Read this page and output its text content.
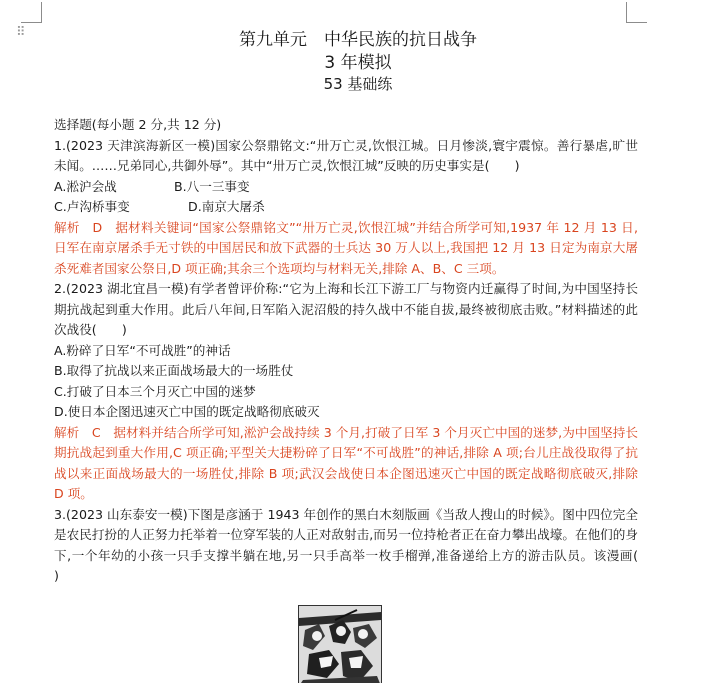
⠿	第九单元　中华民族的抗日战争
3 年模拟
53 基础练

选择题(每小题 2 分,共 12 分)

1.(2023 天津滨海新区一模)国家公祭鼎铭文:“卅万亡灵,饮恨江城。日月惨淡,寰宇震惊。善行暴虐,旷世未闻。……兄弟同心,共御外辱”。其中“卅万亡灵,饮恨江城”反映的历史事实是(　　)

A.淞沪会战	B.八一三事变
C.卢沟桥事变	D.南京大屠杀

解析　D　据材料关键词“国家公祭鼎铭文”“卅万亡灵,饮恨江城”并结合所学可知,1937 年 12 月 13 日,日军在南京屠杀手无寸铁的中国居民和放下武器的士兵达 30 万人以上,我国把 12 月 13 日定为南京大屠杀死难者国家公祭日,D 项正确;其余三个选项均与材料无关,排除 A、B、C 三项。

2.(2023 湖北宜昌一模)有学者曾评价称:“它为上海和长江下游工厂与物资内迁赢得了时间,为中国坚持长期抗战起到重大作用。此后八年间,日军陷入泥沼般的持久战中不能自拔,最终被彻底击败。”材料描述的此次战役(　　)

A.粉碎了日军“不可战胜”的神话

B.取得了抗战以来正面战场最大的一场胜仗

C.打破了日本三个月灭亡中国的迷梦

D.使日本企图迅速灭亡中国的既定战略彻底破灭

解析　C　据材料并结合所学可知,淞沪会战持续 3 个月,打破了日军 3 个月灭亡中国的迷梦,为中国坚持长期抗战起到重大作用,C 项正确;平型关大捷粉碎了日军“不可战胜”的神话,排除 A 项;台儿庄战役取得了抗战以来正面战场最大的一场胜仗,排除 B 项;武汉会战使日本企图迅速灭亡中国的既定战略彻底破灭,排除 D 项。

3.(2023 山东泰安一模)下图是彦涵于 1943 年创作的黑白木刻版画《当敌人搜山的时候》。图中四位完全是农民打扮的人正努力托举着一位穿军装的人正对敌射击,而另一位持枪者正在奋力攀出战壕。在他们的身下,一个年幼的小孩一只手支撑半躺在地,另一只手高举一枚手榴弹,准备递给上方的游击队员。该漫画(　　)
